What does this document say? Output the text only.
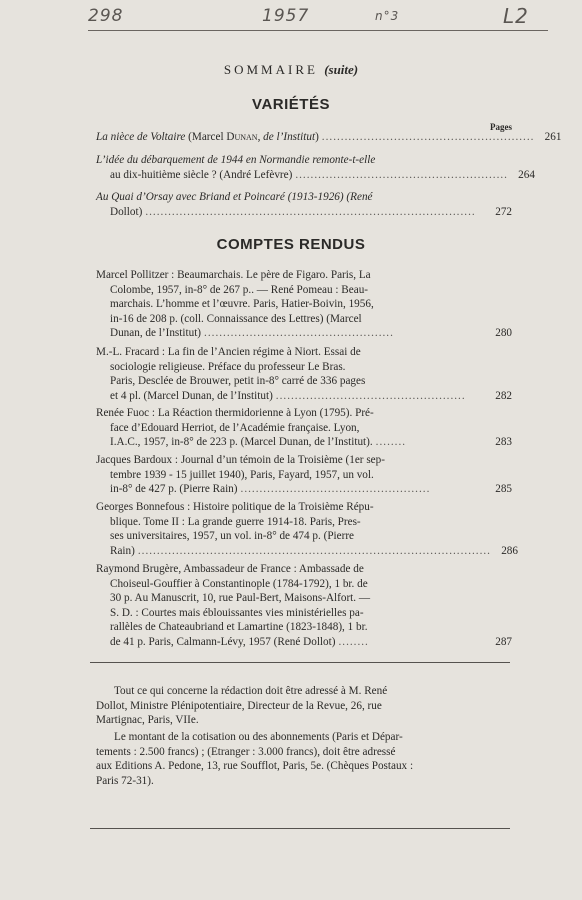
298	1957	n°3	L2
SOMMAIRE (suite)
VARIÉTÉS
Pages
La nièce de Voltaire (Marcel Dunan, de l’Institut) ........................................................ 261
L’idée du débarquement de 1944 en Normandie remonte-t-elle
au dix-huitième siècle ? (André Lefèvre) ........................................................ 264
Au Quai d’Orsay avec Briand et Poincaré (1913-1926) (René
Dollot) .......................................................................................	272
COMPTES RENDUS
Marcel Pollitzer : Beaumarchais. Le père de Figaro. Paris, La
Colombe, 1957, in-8° de 267 p.. — René Pomeau : Beau-
marchais. L’homme et l’œuvre. Paris, Hatier-Boivin, 1956,
in-16 de 208 p. (coll. Connaissance des Lettres) (Marcel
Dunan, de l’Institut) ..................................................	280
M.-L. Fracard : La fin de l’Ancien régime à Niort. Essai de
sociologie religieuse. Préface du professeur Le Bras.
Paris, Desclée de Brouwer, petit in-8° carré de 336 pages
et 4 pl. (Marcel Dunan, de l’Institut) ..................................................	282
Renée Fuoc : La Réaction thermidorienne à Lyon (1795). Pré-
face d’Edouard Herriot, de l’Académie française. Lyon,
I.A.C., 1957, in-8° de 223 p. (Marcel Dunan, de l’Institut). ........	283
Jacques Bardoux : Journal d’un témoin de la Troisième (1er sep-
tembre 1939 - 15 juillet 1940), Paris, Fayard, 1957, un vol.
in-8° de 427 p. (Pierre Rain) ..................................................	285
Georges Bonnefous : Histoire politique de la Troisième Répu-
blique. Tome II : La grande guerre 1914-18. Paris, Pres-
ses universitaires, 1957, un vol. in-8° de 474 p. (Pierre
Rain) ............................................................................................. 286
Raymond Brugère, Ambassadeur de France : Ambassade de
Choiseul-Gouffier à Constantinople (1784-1792), 1 br. de
30 p. Au Manuscrit, 10, rue Paul-Bert, Maisons-Alfort. —
S. D. : Courtes mais éblouissantes vies ministérielles pa-
rallèles de Chateaubriand et Lamartine (1823-1848), 1 br.
de 41 p. Paris, Calmann-Lévy, 1957 (René Dollot) ........	287
Tout ce qui concerne la rédaction doit être adressé à M. René
Dollot, Ministre Plénipotentiaire, Directeur de la Revue, 26, rue
Martignac, Paris, VIIe.
Le montant de la cotisation ou des abonnements (Paris et Dépar-
tements : 2.500 francs) ; (Etranger : 3.000 francs), doit être adressé
aux Editions A. Pedone, 13, rue Soufflot, Paris, 5e. (Chèques Postaux :
Paris 72-31).
